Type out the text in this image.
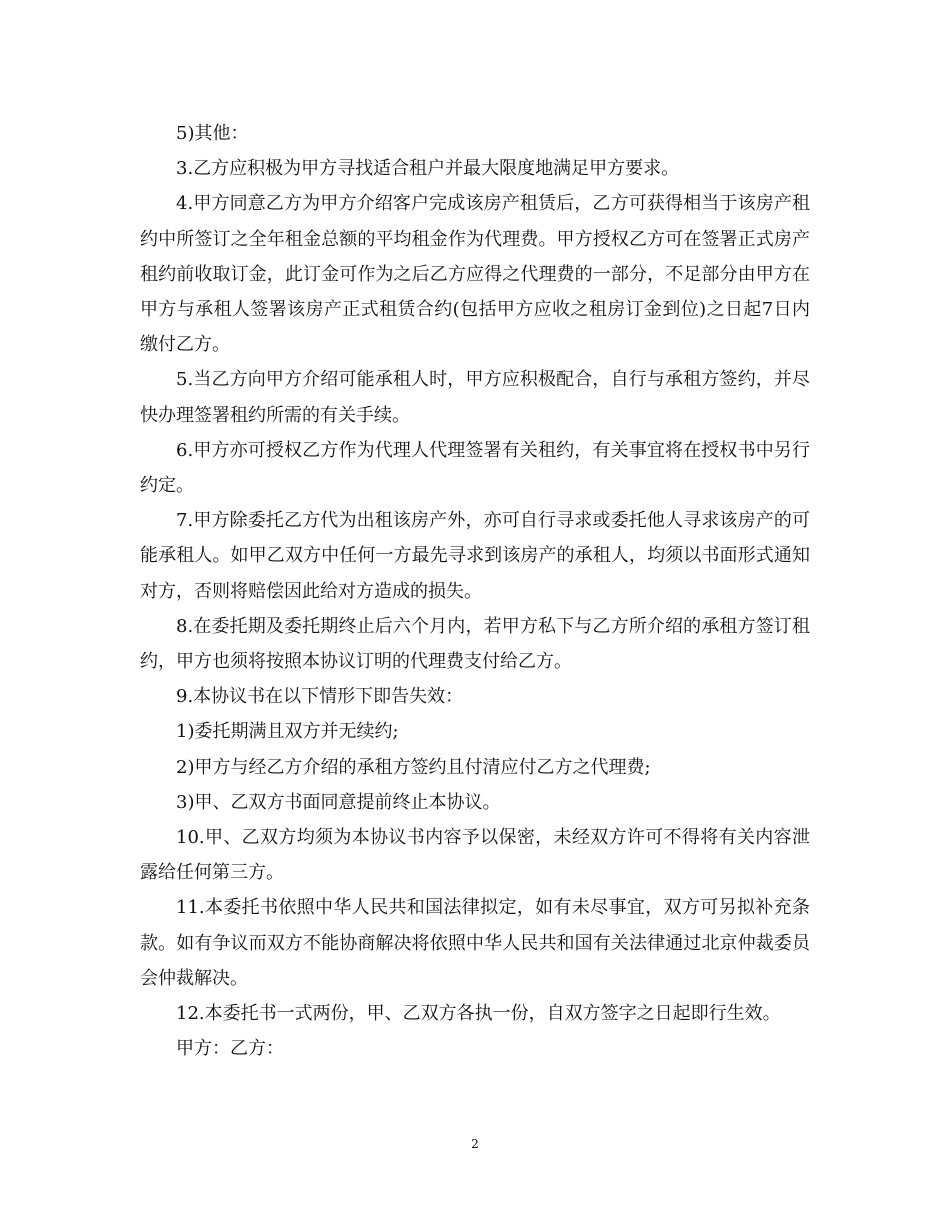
5)其他：

3.乙方应积极为甲方寻找适合租户并最大限度地满足甲方要求。

4.甲方同意乙方为甲方介绍客户完成该房产租赁后，乙方可获得相当于该房产租约中所签订之全年租金总额的平均租金作为代理费。甲方授权乙方可在签署正式房产租约前收取订金，此订金可作为之后乙方应得之代理费的一部分，不足部分由甲方在甲方与承租人签署该房产正式租赁合约(包括甲方应收之租房订金到位)之日起7日内缴付乙方。

5.当乙方向甲方介绍可能承租人时，甲方应积极配合，自行与承租方签约，并尽快办理签署租约所需的有关手续。

6.甲方亦可授权乙方作为代理人代理签署有关租约，有关事宜将在授权书中另行约定。

7.甲方除委托乙方代为出租该房产外，亦可自行寻求或委托他人寻求该房产的可能承租人。如甲乙双方中任何一方最先寻求到该房产的承租人，均须以书面形式通知对方，否则将赔偿因此给对方造成的损失。

8.在委托期及委托期终止后六个月内，若甲方私下与乙方所介绍的承租方签订租约，甲方也须将按照本协议订明的代理费支付给乙方。

9.本协议书在以下情形下即告失效：

1)委托期满且双方并无续约;

2)甲方与经乙方介绍的承租方签约且付清应付乙方之代理费;

3)甲、乙双方书面同意提前终止本协议。

10.甲、乙双方均须为本协议书内容予以保密，未经双方许可不得将有关内容泄露给任何第三方。

11.本委托书依照中华人民共和国法律拟定，如有未尽事宜，双方可另拟补充条款。如有争议而双方不能协商解决将依照中华人民共和国有关法律通过北京仲裁委员会仲裁解决。

12.本委托书一式两份，甲、乙双方各执一份，自双方签字之日起即行生效。

甲方：乙方：

2
